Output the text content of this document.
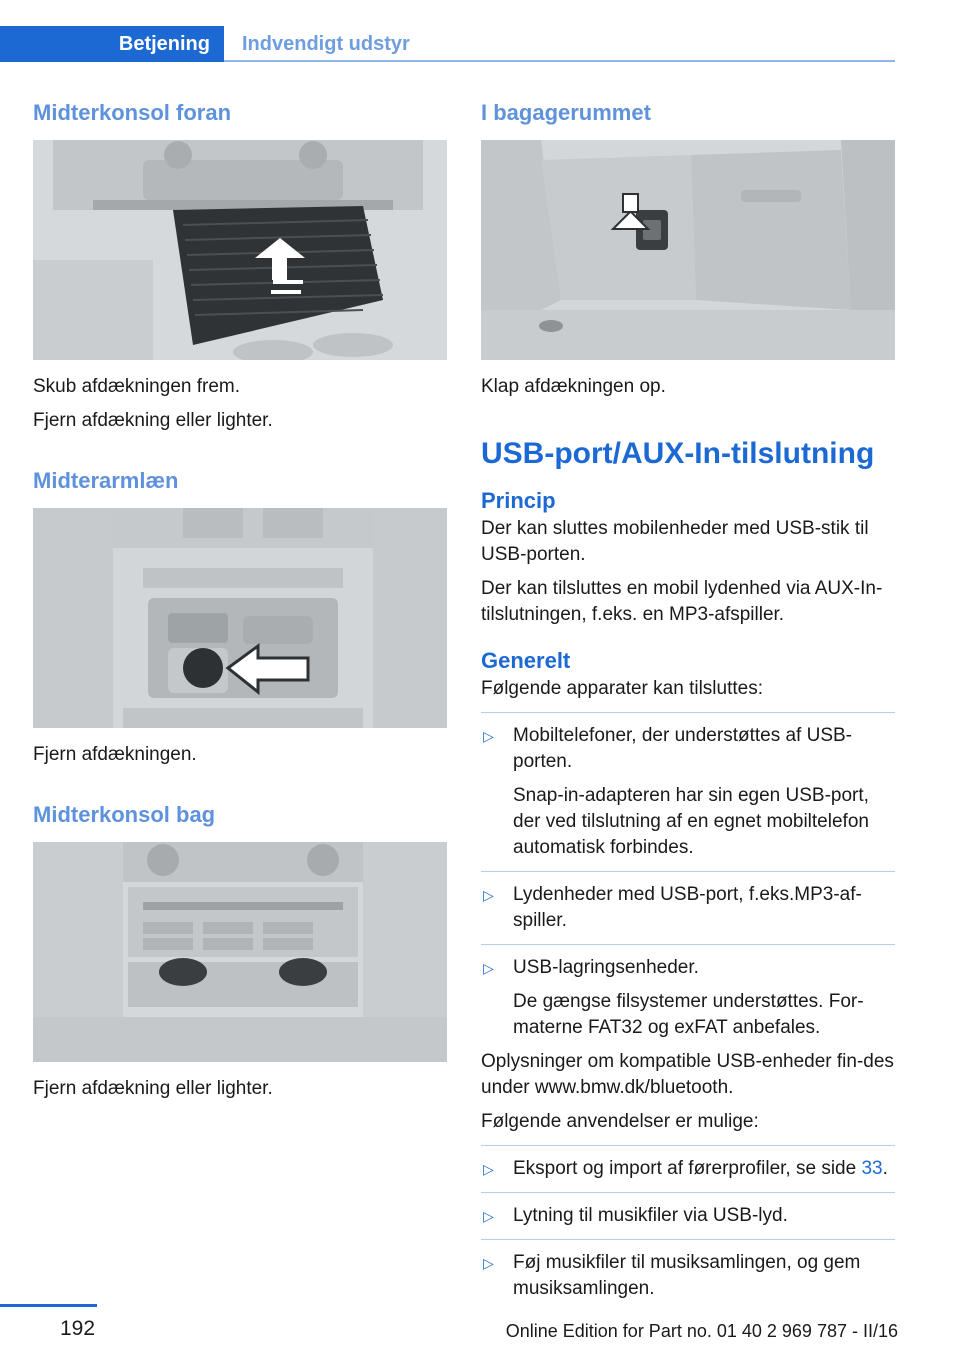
Betjening	Indvendigt udstyr
Midterkonsol foran

Skub afdækningen frem.

Fjern afdækning eller lighter.

Midterarmlæn

Fjern afdækningen.

Midterkonsol bag

Fjern afdækning eller lighter.

I bagagerummet

Klap afdækningen op.

USB-port/AUX-In-tilslutning
Princip

Der kan sluttes mobilenheder med USB-stik til USB-porten.

Der kan tilsluttes en mobil lydenhed via AUX-In-tilslutningen, f.eks. en MP3-afspiller.

Generelt

Følgende apparater kan tilsluttes:

▷ Mobiltelefoner, der understøttes af USB-porten.
Snap-in-adapteren har sin egen USB-port, der ved tilslutning af en egnet mobiltelefon automatisk forbindes.
▷ Lydenheder med USB-port, f.eks.MP3-af-spiller.
▷ USB-lagringsenheder.
De gængse filsystemer understøttes. For-materne FAT32 og exFAT anbefales.

Oplysninger om kompatible USB-enheder fin-des under www.bmw.dk/bluetooth.

Følgende anvendelser er mulige:

▷ Eksport og import af førerprofiler, se side 33.
▷ Lytning til musikfiler via USB-lyd.
▷ Føj musikfiler til musiksamlingen, og gem musiksamlingen.
192	Online Edition for Part no. 01 40 2 969 787 - II/16
